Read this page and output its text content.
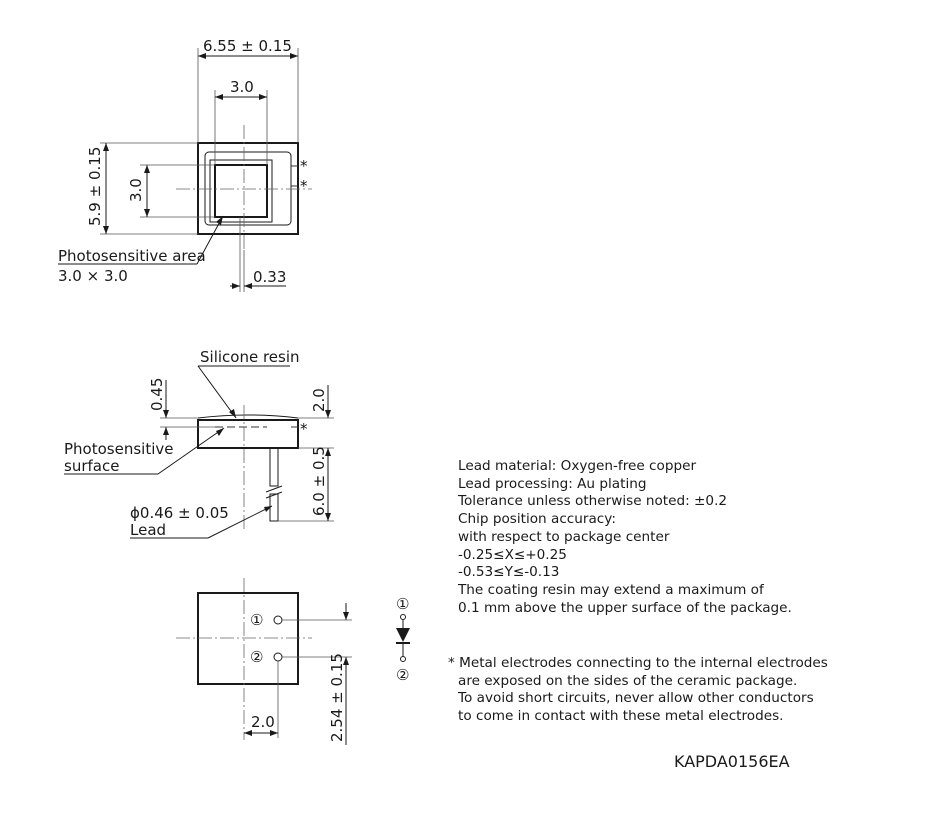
6.55 ± 0.15
3.0
5.9 ± 0.15 3.0
*
*
0.33
Photosensitive area
3.0 × 3.0
*
Silicone resin
0.45	2.0
6.0 ± 0.5
Photosensitive
surface
ϕ0.46 ± 0.05
Lead
①
②	2.54 ± 0.15
2.0
①
②
Lead material: Oxygen-free copper
Lead processing: Au plating
Tolerance unless otherwise noted: ±0.2
Chip position accuracy:
with respect to package center
-0.25≤X≤+0.25
-0.53≤Y≤-0.13
The coating resin may extend a maximum of
0.1 mm above the upper surface of the package.
* Metal electrodes connecting to the internal electrodes
are exposed on the sides of the ceramic package.
To avoid short circuits, never allow other conductors
to come in contact with these metal electrodes.
KAPDA0156EA
